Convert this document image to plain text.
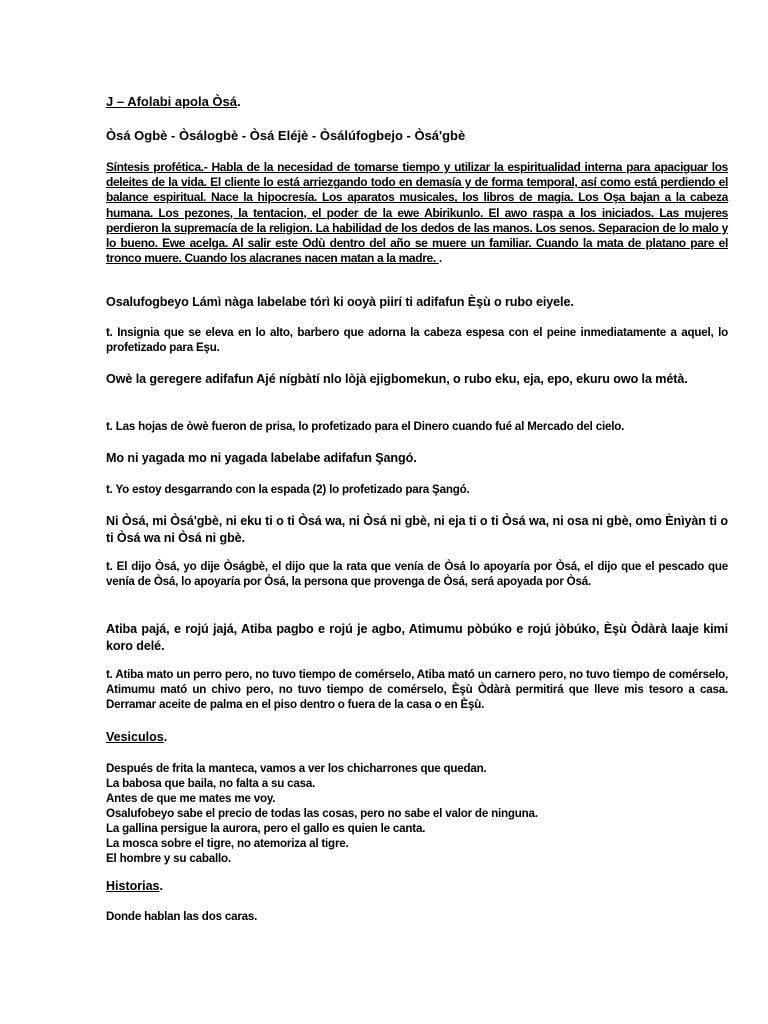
J – Afolabi apola Òsá.

Òsá Ogbè - Òsálogbè - Òsá Eléjè - Òsálúfogbejo - Òsá'gbè

Síntesis profética.- Habla de la necesidad de tomarse tiempo y utilizar la espiritualidad interna para apaciguar los deleites de la vida. El cliente lo está arriezgando todo en demasía y de forma temporal, así como está perdiendo el balance espiritual. Nace la hipocresía. Los aparatos musicales, los libros de magia. Los Oşa bajan a la cabeza humana. Los pezones, la tentacion, el poder de la ewe Abirikunlo. El awo raspa a los iniciados. Las mujeres perdieron la supremacía de la religion. La habilidad de los dedos de las manos. Los senos. Separacion de lo malo y lo bueno. Ewe acelga. Al salir este Odù dentro del año se muere un familiar. Cuando la mata de platano pare el tronco muere. Cuando los alacranes nacen matan a la madre. .
Osalufogbeyo Lámì nàga labelabe tórì ki ooyà piirí ti adifafun Èşù o rubo eiyele.
t. Insignia que se eleva en lo alto, barbero que adorna la cabeza espesa con el peine inmediatamente a aquel, lo profetizado para Eşu.
Owè la geregere adifafun Ajé nígbàtí nlo lòjà ejigbomekun, o rubo eku, eja, epo, ekuru owo la métà.
t. Las hojas de òwè fueron de prisa, lo profetizado para el Dinero cuando fué al Mercado del cielo.
Mo ni yagada mo ni yagada labelabe adifafun Şangó.
t. Yo estoy desgarrando con la espada (2) lo profetizado para Şangó.
Ni Òsá, mi Òsá'gbè, ni eku ti o ti Òsá wa, ni Òsá ni gbè, ni eja ti o ti Òsá wa, ni osa ni gbè, omo Ènìyàn ti o ti Òsá wa ni Òsá ni gbè.
t. El dijo Òsá, yo dije Òságbè, el dijo que la rata que venía de Òsá lo apoyaría por Òsá, el dijo que el pescado que venía de Òsá, lo apoyaría por Òsá, la persona que provenga de Òsá, será apoyada por Òsá.
Atiba pajá, e rojú jajá, Atiba pagbo e rojú je agbo, Atimumu pòbúko e rojú jòbúko, Èşù Òdàrà laaje kimi koro delé.
t. Atiba mato un perro pero, no tuvo tiempo de comérselo, Atiba mató un carnero pero, no tuvo tiempo de comérselo, Atimumu mató un chivo pero, no tuvo tiempo de comérselo, Èşù Òdàrà permitirá que lleve mis tesoro a casa. Derramar aceite de palma en el piso dentro o fuera de la casa o en Èşù.
Vesiculos.
Después de frita la manteca, vamos a ver los chicharrones que quedan.
La babosa que baila, no falta a su casa.
Antes de que me mates me voy.
Osalufobeyo sabe el precio de todas las cosas, pero no sabe el valor de ninguna.
La gallina persigue la aurora, pero el gallo es quien le canta.
La mosca sobre el tigre, no atemoriza al tigre.
El hombre y su caballo.
Historias.
Donde hablan las dos caras.
